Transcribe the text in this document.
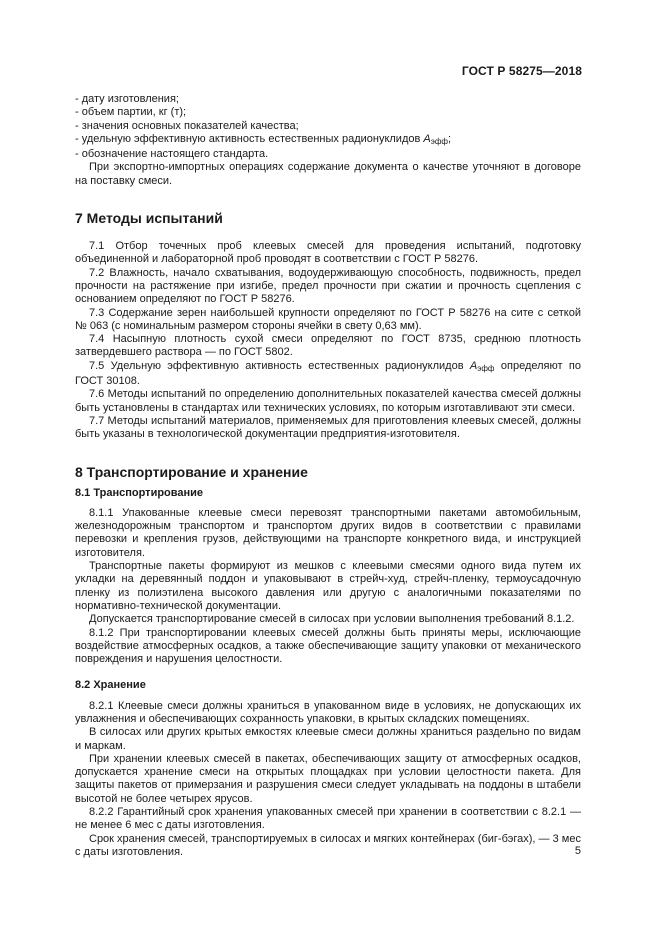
ГОСТ Р 58275—2018

- дату изготовления;

- объем партии, кг (т);

- значения основных показателей качества;

- удельную эффективную активность естественных радионуклидов $A_{эфф}$;

- обозначение настоящего стандарта.

При экспортно-импортных операциях содержание документа о качестве уточняют в договоре на поставку смеси.

7 Методы испытаний

7.1 Отбор точечных проб клеевых смесей для проведения испытаний, подготовку объединенной и лабораторной проб проводят в соответствии с ГОСТ Р 58276.

7.2 Влажность, начало схватывания, водоудерживающую способность, подвижность, предел прочности на растяжение при изгибе, предел прочности при сжатии и прочность сцепления с основанием определяют по ГОСТ Р 58276.

7.3 Содержание зерен наибольшей крупности определяют по ГОСТ Р 58276 на сите с сеткой № 063 (с номинальным размером стороны ячейки в свету 0,63 мм).

7.4 Насыпную плотность сухой смеси определяют по ГОСТ 8735, среднюю плотность затвердевшего раствора — по ГОСТ 5802.

7.5 Удельную эффективную активность естественных радионуклидов $A_{эфф}$ определяют по ГОСТ 30108.

7.6 Методы испытаний по определению дополнительных показателей качества смесей должны быть установлены в стандартах или технических условиях, по которым изготавливают эти смеси.

7.7 Методы испытаний материалов, применяемых для приготовления клеевых смесей, должны быть указаны в технологической документации предприятия-изготовителя.

8 Транспортирование и хранение

8.1 Транспортирование

8.1.1 Упакованные клеевые смеси перевозят транспортными пакетами автомобильным, железнодорожным транспортом и транспортом других видов в соответствии с правилами перевозки и крепления грузов, действующими на транспорте конкретного вида, и инструкцией изготовителя.

Транспортные пакеты формируют из мешков с клеевыми смесями одного вида путем их укладки на деревянный поддон и упаковывают в стрейч-худ, стрейч-пленку, термоусадочную пленку из полиэтилена высокого давления или другую с аналогичными показателями по нормативно-технической документации.

Допускается транспортирование смесей в силосах при условии выполнения требований 8.1.2.

8.1.2 При транспортировании клеевых смесей должны быть приняты меры, исключающие воздействие атмосферных осадков, а также обеспечивающие защиту упаковки от механического повреждения и нарушения целостности.

8.2 Хранение

8.2.1 Клеевые смеси должны храниться в упакованном виде в условиях, не допускающих их увлажнения и обеспечивающих сохранность упаковки, в крытых складских помещениях.

В силосах или других крытых емкостях клеевые смеси должны храниться раздельно по видам и маркам.

При хранении клеевых смесей в пакетах, обеспечивающих защиту от атмосферных осадков, допускается хранение смеси на открытых площадках при условии целостности пакета. Для защиты пакетов от примерзания и разрушения смеси следует укладывать на поддоны в штабели высотой не более четырех ярусов.

8.2.2 Гарантийный срок хранения упакованных смесей при хранении в соответствии с 8.2.1 — не менее 6 мес с даты изготовления.

Срок хранения смесей, транспортируемых в силосах и мягких контейнерах (биг-бэгах), — 3 мес с даты изготовления.	5
